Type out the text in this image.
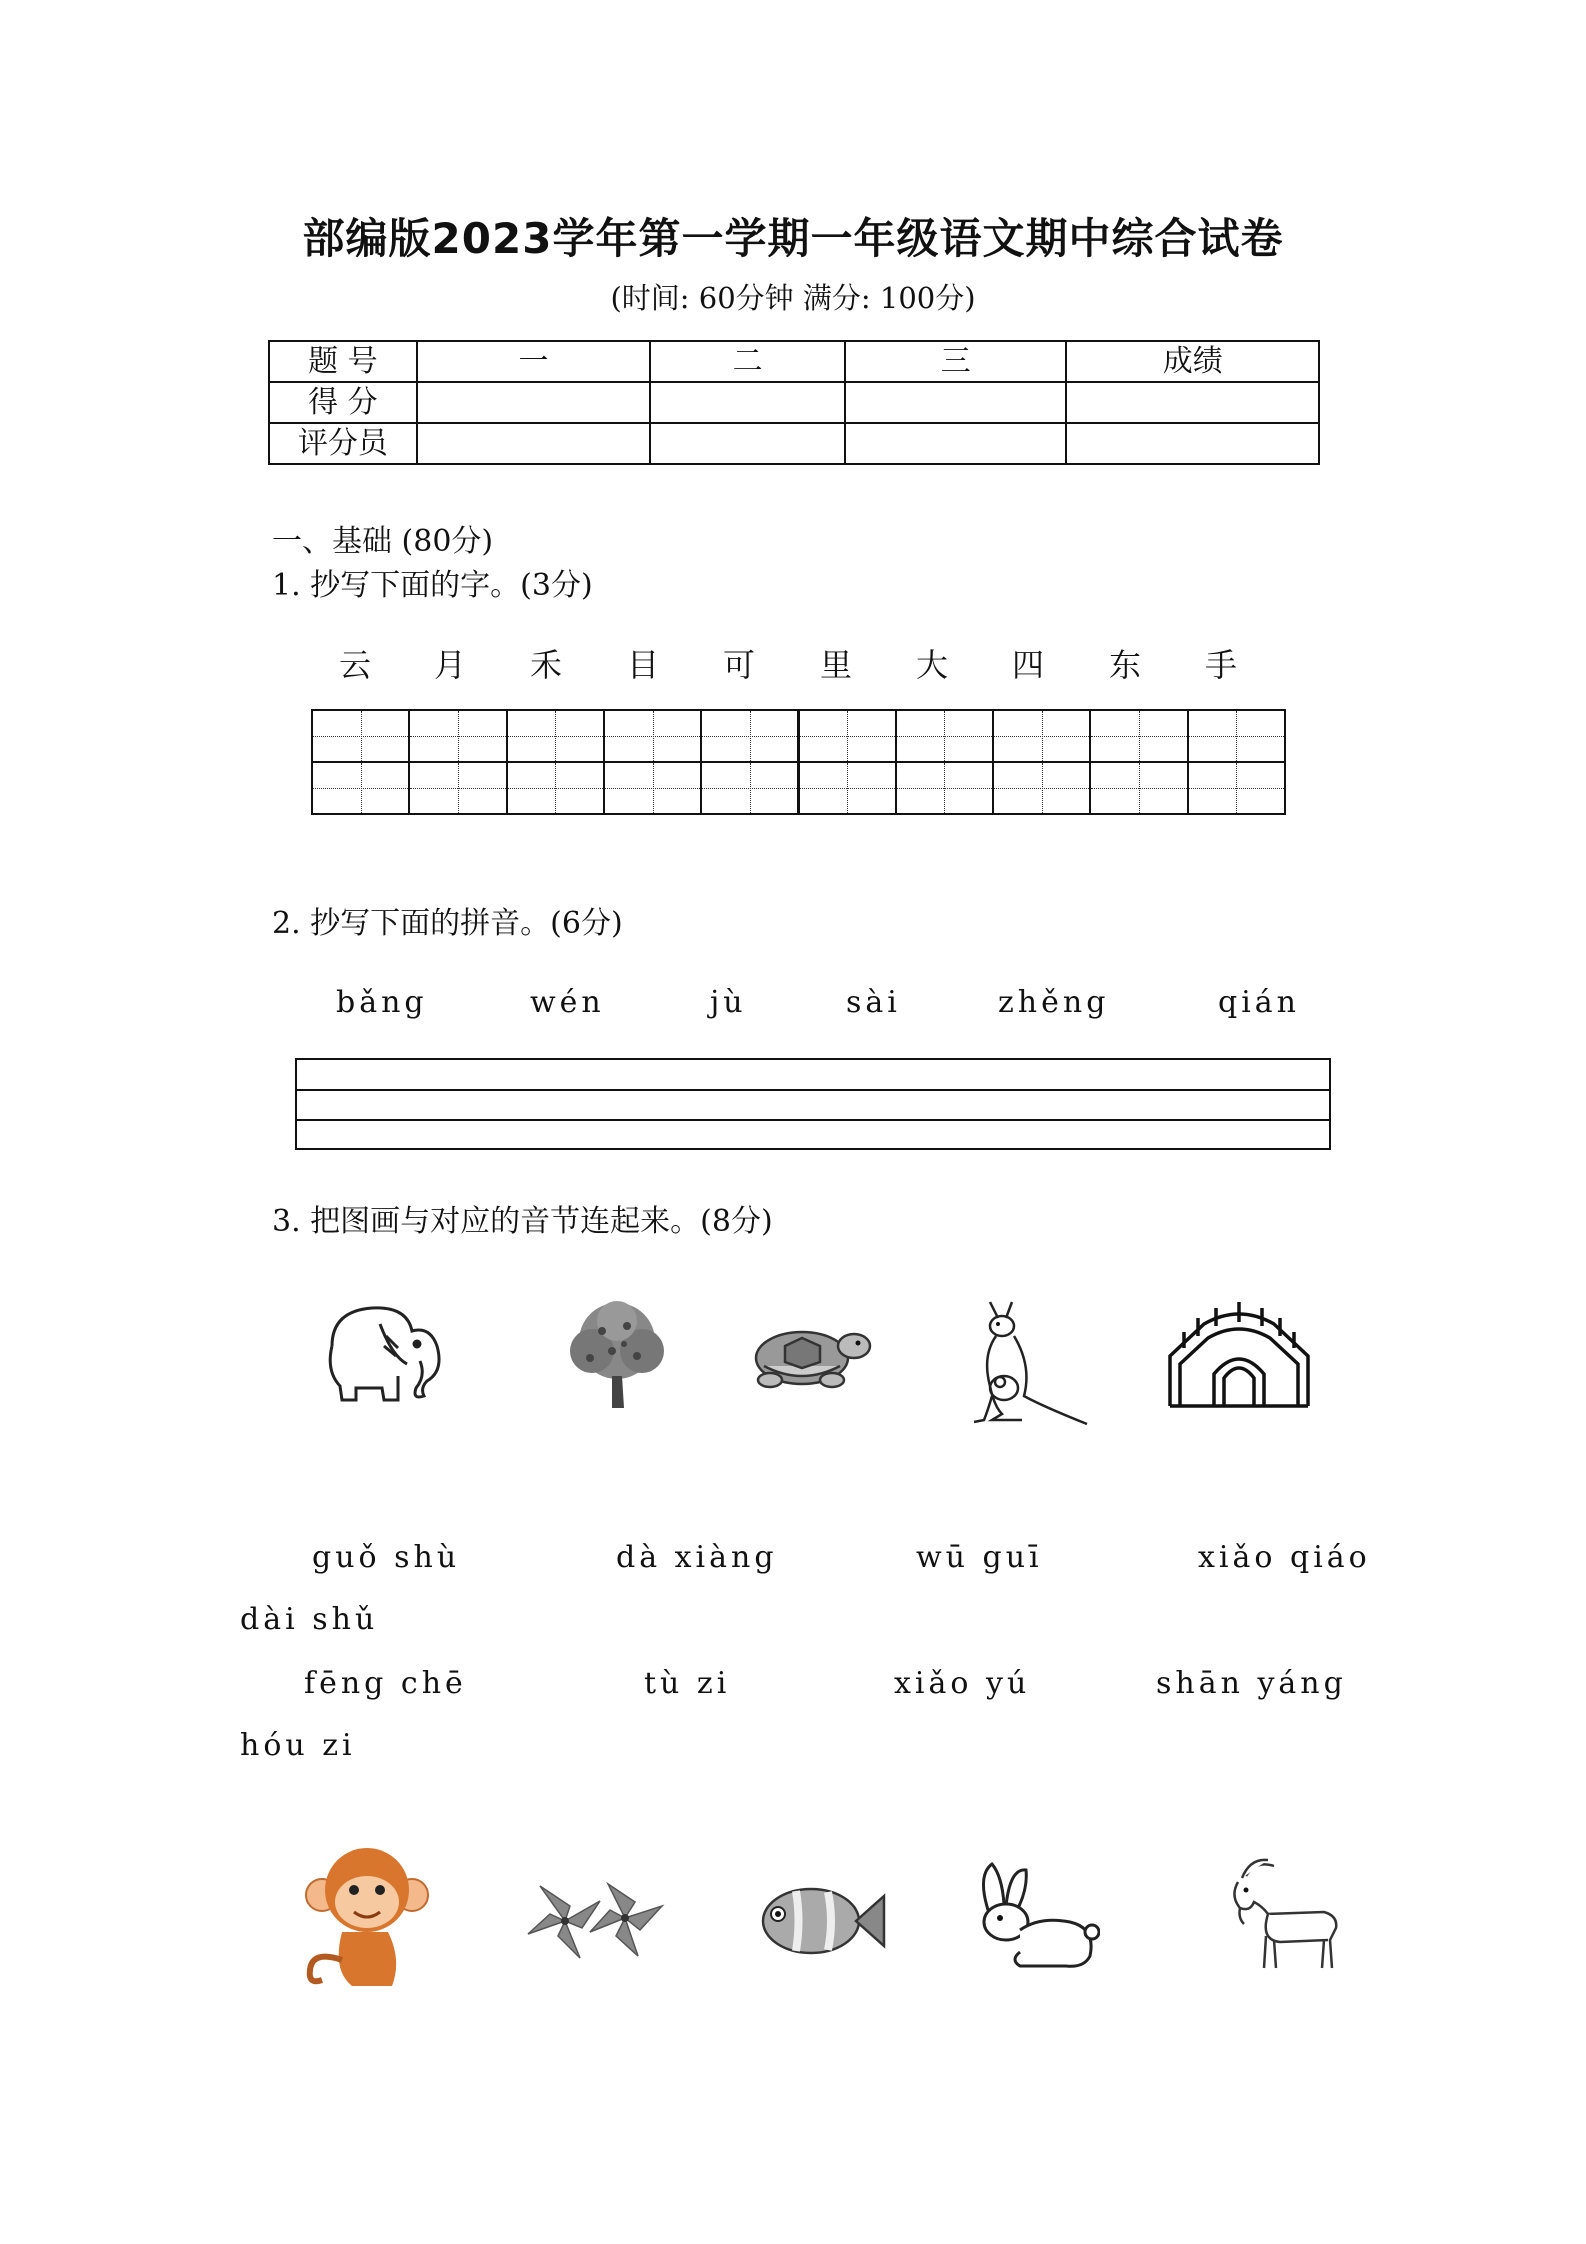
部编版2023学年第一学期一年级语文期中综合试卷
(时间: 60分钟 满分: 100分)
题 号	一	二	三	成绩
得 分				
评分员				
一、基础 (80分)
1. 抄写下面的字。(3分)
云	月	禾	目	可	里	大	四	东	手
2. 抄写下面的拼音。(6分)
bǎng	wén	jù	sài	zhěng	qián
3. 把图画与对应的音节连起来。(8分)
guǒ shù	dà xiàng	wū guī	xiǎo qiáo
dài shǔ
fēng chē	tù zi	xiǎo yú	shān yáng
hóu zi
